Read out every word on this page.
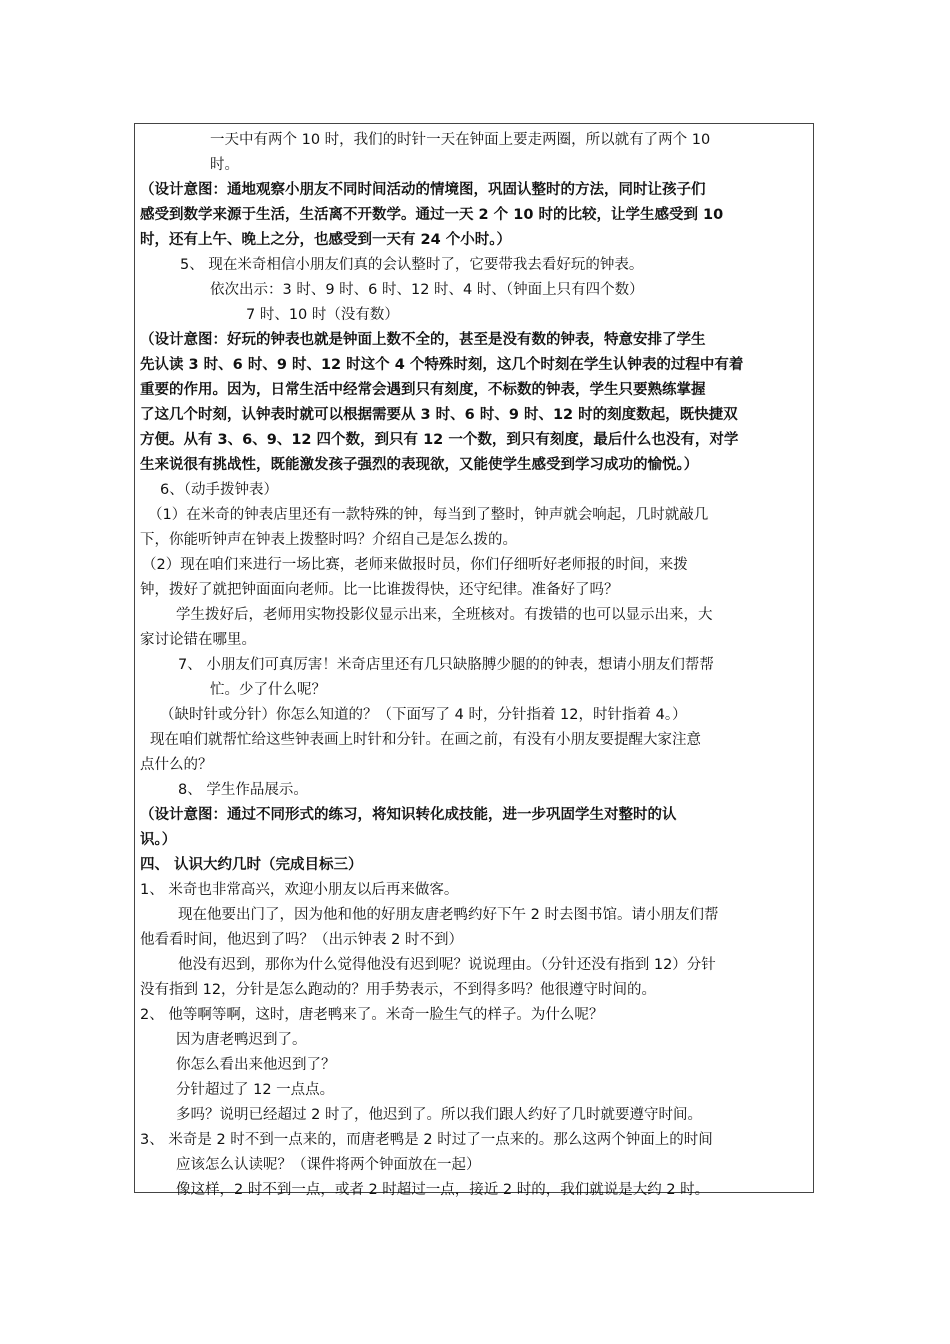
一天中有两个 10 时，我们的时针一天在钟面上要走两圈，所以就有了两个 10
时。
（设计意图：通地观察小朋友不同时间活动的情境图，巩固认整时的方法，同时让孩子们
感受到数学来源于生活，生活离不开数学。通过一天 2 个 10 时的比较，让学生感受到 10
时，还有上午、晚上之分，也感受到一天有 24 个小时。）
5、 现在米奇相信小朋友们真的会认整时了，它要带我去看好玩的钟表。
依次出示：3 时、9 时、6 时、12 时、4 时、（钟面上只有四个数）
7 时、10 时（没有数）
（设计意图：好玩的钟表也就是钟面上数不全的，甚至是没有数的钟表，特意安排了学生
先认读 3 时、6 时、9 时、12 时这个 4 个特殊时刻，这几个时刻在学生认钟表的过程中有着
重要的作用。因为，日常生活中经常会遇到只有刻度，不标数的钟表，学生只要熟练掌握
了这几个时刻，认钟表时就可以根据需要从 3 时、6 时、9 时、12 时的刻度数起，既快捷双
方便。从有 3、6、9、12 四个数，到只有 12 一个数，到只有刻度，最后什么也没有，对学
生来说很有挑战性，既能激发孩子强烈的表现欲，又能使学生感受到学习成功的愉悦。）
6、（动手拨钟表）
（1）在米奇的钟表店里还有一款特殊的钟，每当到了整时，钟声就会响起，几时就敲几
下，你能听钟声在钟表上拨整时吗？介绍自己是怎么拨的。
（2）现在咱们来进行一场比赛，老师来做报时员，你们仔细听好老师报的时间，来拨
钟，拨好了就把钟面面向老师。比一比谁拨得快，还守纪律。准备好了吗？
学生拨好后，老师用实物投影仪显示出来，全班核对。有拨错的也可以显示出来，大
家讨论错在哪里。
7、 小朋友们可真厉害！米奇店里还有几只缺胳膊少腿的的钟表，想请小朋友们帮帮
忙。少了什么呢？
（缺时针或分针）你怎么知道的？（下面写了 4 时，分针指着 12，时针指着 4。）
现在咱们就帮忙给这些钟表画上时针和分针。在画之前，有没有小朋友要提醒大家注意
点什么的？
8、 学生作品展示。
（设计意图：通过不同形式的练习，将知识转化成技能，进一步巩固学生对整时的认
识。）
四、 认识大约几时（完成目标三）
1、 米奇也非常高兴，欢迎小朋友以后再来做客。
现在他要出门了，因为他和他的好朋友唐老鸭约好下午 2 时去图书馆。请小朋友们帮
他看看时间，他迟到了吗？（出示钟表 2 时不到）
他没有迟到，那你为什么觉得他没有迟到呢？说说理由。（分针还没有指到 12）分针
没有指到 12，分针是怎么跑动的？用手势表示，不到得多吗？他很遵守时间的。
2、 他等啊等啊，这时，唐老鸭来了。米奇一脸生气的样子。为什么呢？
因为唐老鸭迟到了。
你怎么看出来他迟到了？
分针超过了 12 一点点。
多吗？说明已经超过 2 时了，他迟到了。所以我们跟人约好了几时就要遵守时间。
3、 米奇是 2 时不到一点来的，而唐老鸭是 2 时过了一点来的。那么这两个钟面上的时间
应该怎么认读呢？（课件将两个钟面放在一起）
像这样，2 时不到一点，或者 2 时超过一点，接近 2 时的，我们就说是大约 2 时。
